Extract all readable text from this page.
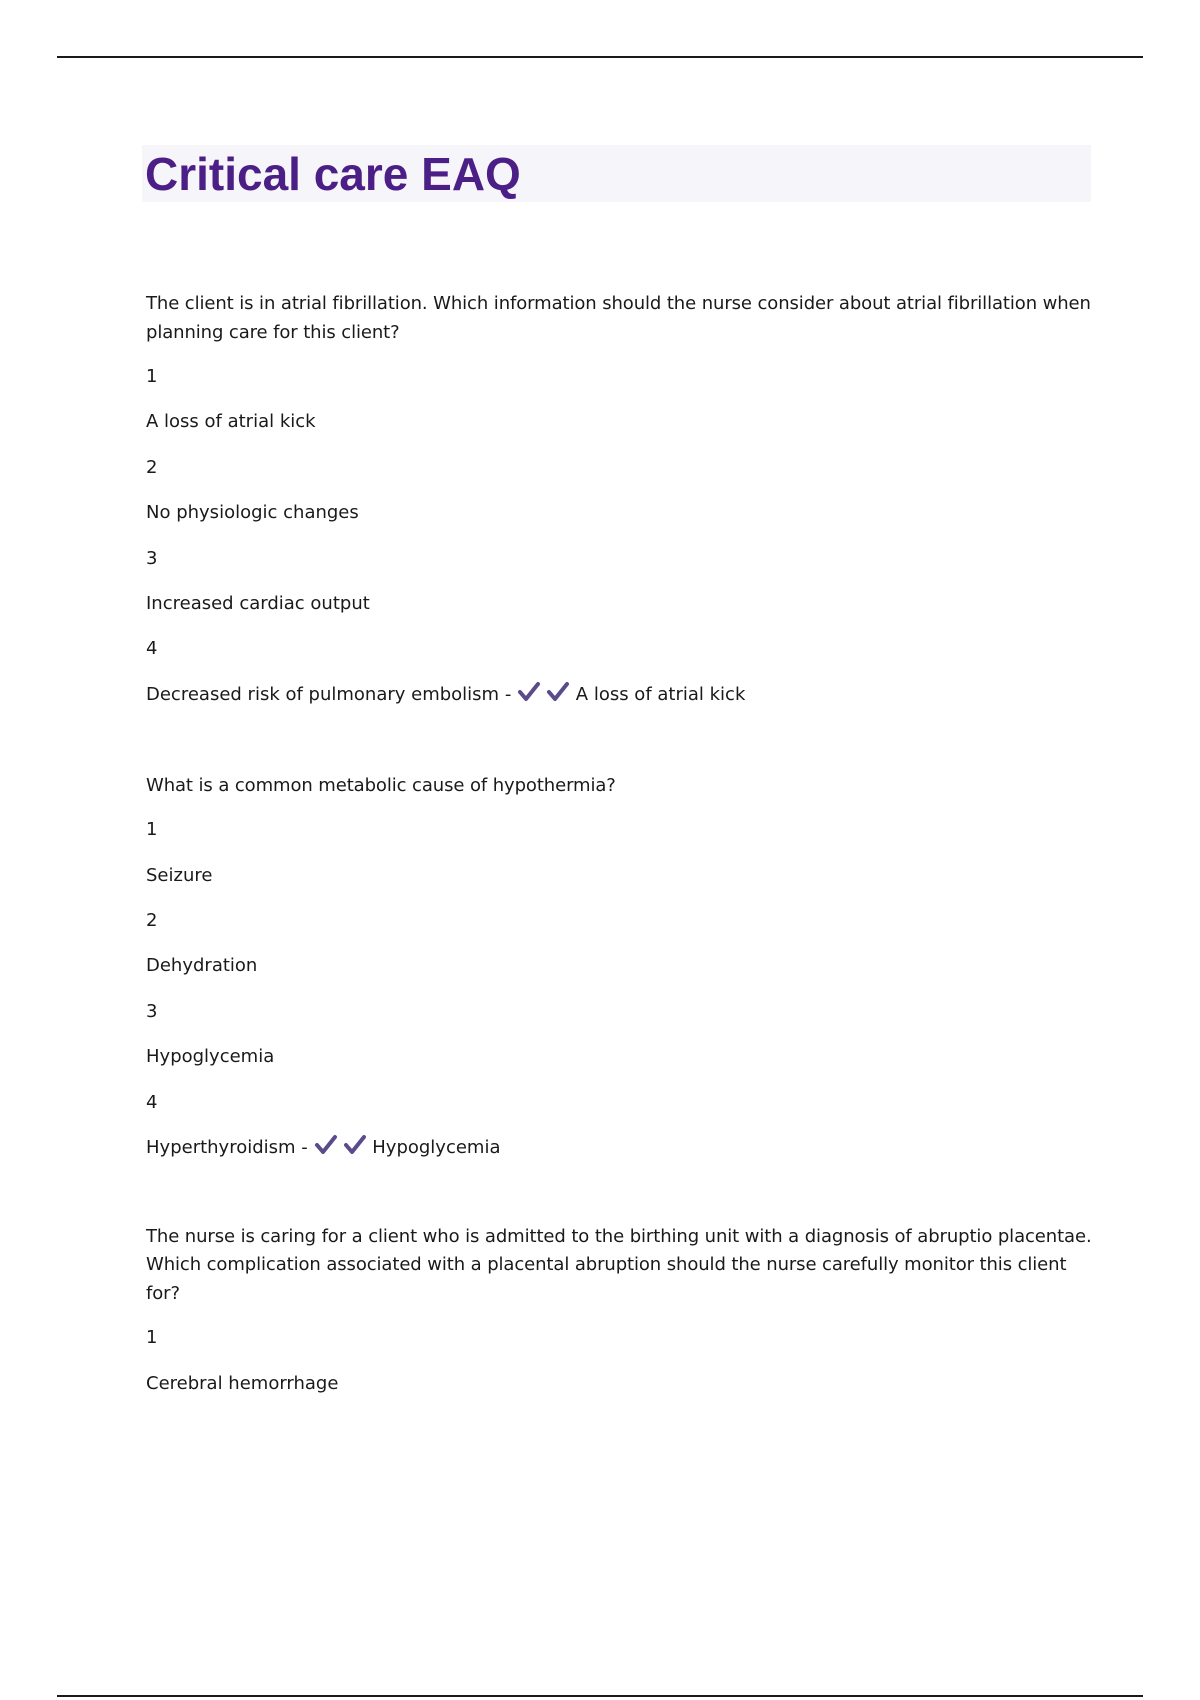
Critical care EAQ

The client is in atrial fibrillation. Which information should the nurse consider about atrial fibrillation when planning care for this client?

1
A loss of atrial kick
2
No physiologic changes
3
Increased cardiac output
4
Decreased risk of pulmonary embolism -	A loss of atrial kick

What is a common metabolic cause of hypothermia?

1
Seizure
2
Dehydration
3
Hypoglycemia
4
Hyperthyroidism -	Hypoglycemia

The nurse is caring for a client who is admitted to the birthing unit with a diagnosis of abruptio placentae. Which complication associated with a placental abruption should the nurse carefully monitor this client for?

1
Cerebral hemorrhage
